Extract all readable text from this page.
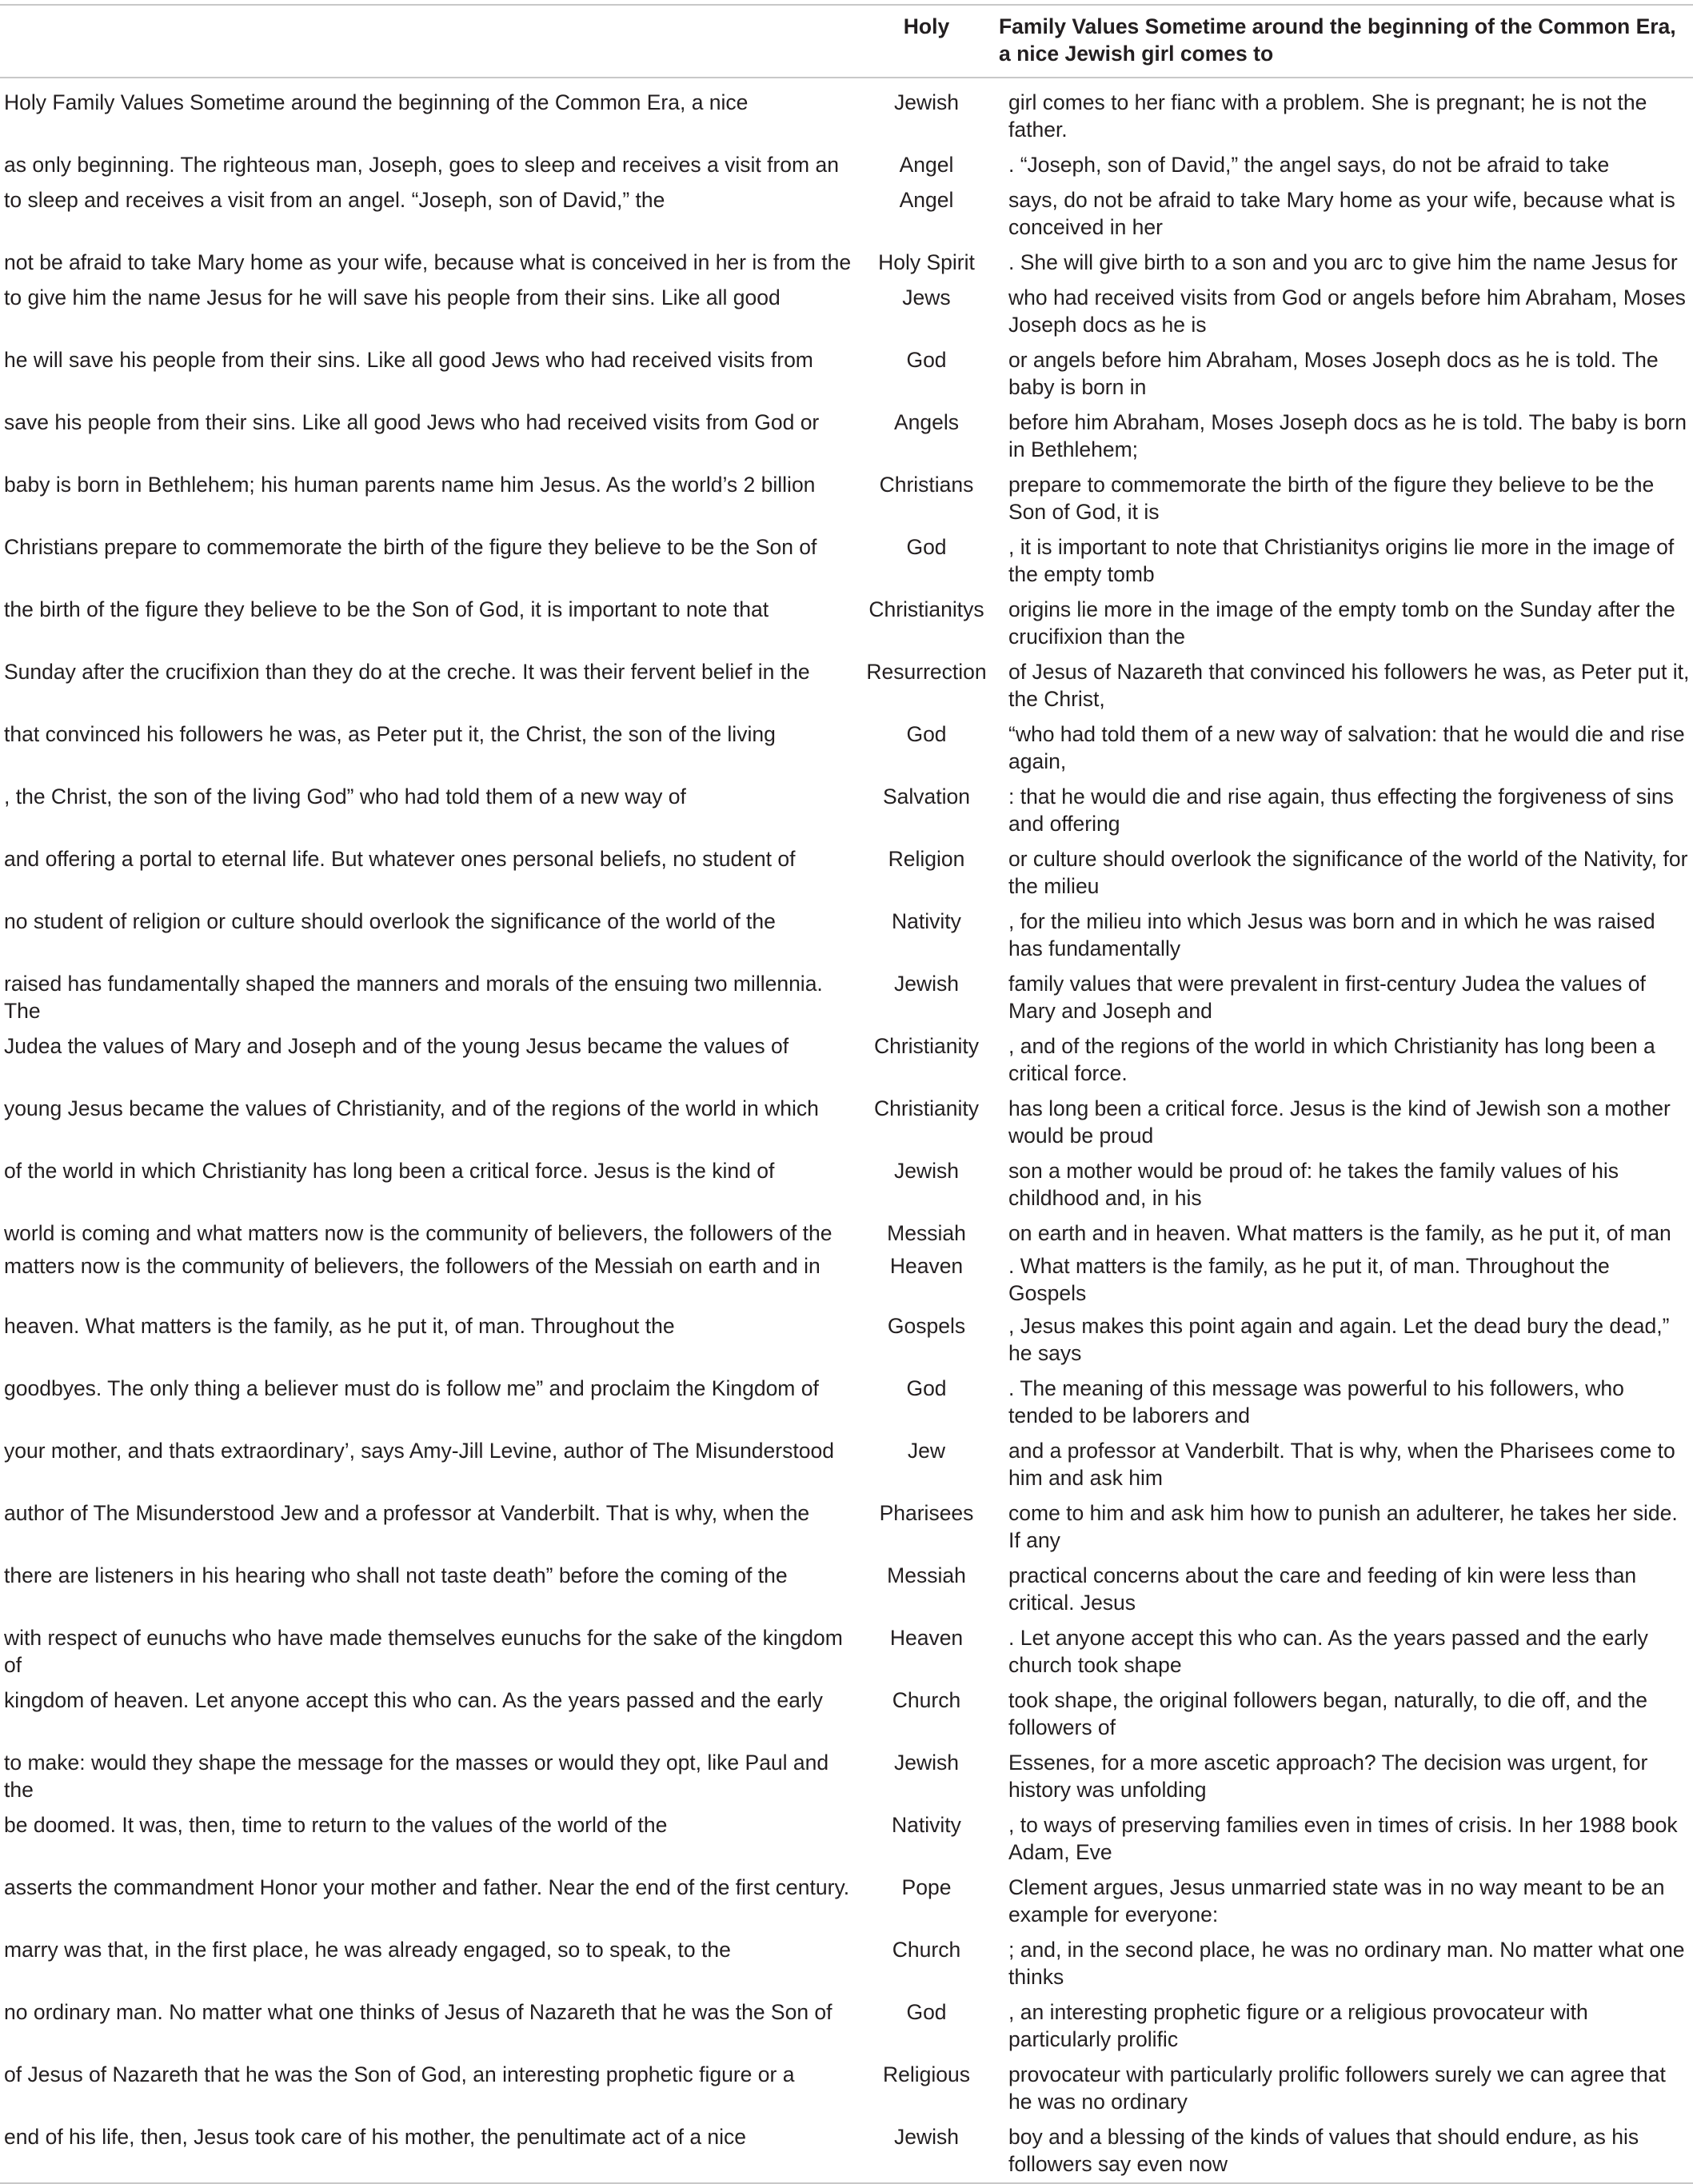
	Holy	Family Values Sometime around the beginning of the Common Era, a nice Jewish girl comes to
Holy Family Values Sometime around the beginning of the Common Era, a nice	Jewish	girl comes to her fianc with a problem. She is pregnant; he is not the father.
as only beginning. The righteous man, Joseph, goes to sleep and receives a visit from an	Angel	. “Joseph, son of David,” the angel says, do not be afraid to take
to sleep and receives a visit from an angel. “Joseph, son of David,” the	Angel	says, do not be afraid to take Mary home as your wife, because what is conceived in her
not be afraid to take Mary home as your wife, because what is conceived in her is from the	Holy Spirit	. She will give birth to a son and you arc to give him the name Jesus for
to give him the name Jesus for he will save his people from their sins. Like all good	Jews	who had received visits from God or angels before him Abraham, Moses Joseph docs as he is
he will save his people from their sins. Like all good Jews who had received visits from	God	or angels before him Abraham, Moses Joseph docs as he is told. The baby is born in
save his people from their sins. Like all good Jews who had received visits from God or	Angels	before him Abraham, Moses Joseph docs as he is told. The baby is born in Bethlehem;
baby is born in Bethlehem; his human parents name him Jesus. As the world’s 2 billion	Christians	prepare to commemorate the birth of the figure they believe to be the Son of God, it is
Christians prepare to commemorate the birth of the figure they believe to be the Son of	God	, it is important to note that Christianitys origins lie more in the image of the empty tomb
the birth of the figure they believe to be the Son of God, it is important to note that	Christianitys	origins lie more in the image of the empty tomb on the Sunday after the crucifixion than the
Sunday after the crucifixion than they do at the creche. It was their fervent belief in the	Resurrection	of Jesus of Nazareth that convinced his followers he was, as Peter put it, the Christ,
that convinced his followers he was, as Peter put it, the Christ, the son of the living	God	“who had told them of a new way of salvation: that he would die and rise again,
, the Christ, the son of the living God” who had told them of a new way of	Salvation	: that he would die and rise again, thus effecting the forgiveness of sins and offering
and offering a portal to eternal life. But whatever ones personal beliefs, no student of	Religion	or culture should overlook the significance of the world of the Nativity, for the milieu
no student of religion or culture should overlook the significance of the world of the	Nativity	, for the milieu into which Jesus was born and in which he was raised has fundamentally
raised has fundamentally shaped the manners and morals of the ensuing two millennia. The	Jewish	family values that were prevalent in first-century Judea the values of Mary and Joseph and
Judea the values of Mary and Joseph and of the young Jesus became the values of	Christianity	, and of the regions of the world in which Christianity has long been a critical force.
young Jesus became the values of Christianity, and of the regions of the world in which	Christianity	has long been a critical force. Jesus is the kind of Jewish son a mother would be proud
of the world in which Christianity has long been a critical force. Jesus is the kind of	Jewish	son a mother would be proud of: he takes the family values of his childhood and, in his
world is coming and what matters now is the community of believers, the followers of the	Messiah	on earth and in heaven. What matters is the family, as he put it, of man
matters now is the community of believers, the followers of the Messiah on earth and in	Heaven	. What matters is the family, as he put it, of man. Throughout the Gospels
heaven. What matters is the family, as he put it, of man. Throughout the	Gospels	, Jesus makes this point again and again. Let the dead bury the dead,” he says
goodbyes. The only thing a believer must do is follow me” and proclaim the Kingdom of	God	. The meaning of this message was powerful to his followers, who tended to be laborers and
your mother, and thats extraordinary’, says Amy-Jill Levine, author of The Misunderstood	Jew	and a professor at Vanderbilt. That is why, when the Pharisees come to him and ask him
author of The Misunderstood Jew and a professor at Vanderbilt. That is why, when the	Pharisees	come to him and ask him how to punish an adulterer, he takes her side. If any
there are listeners in his hearing who shall not taste death” before the coming of the	Messiah	practical concerns about the care and feeding of kin were less than critical. Jesus
with respect of eunuchs who have made themselves eunuchs for the sake of the kingdom of	Heaven	. Let anyone accept this who can. As the years passed and the early church took shape
kingdom of heaven. Let anyone accept this who can. As the years passed and the early	Church	took shape, the original followers began, naturally, to die off, and the followers of
to make: would they shape the message for the masses or would they opt, like Paul and the	Jewish	Essenes, for a more ascetic approach? The decision was urgent, for history was unfolding
be doomed. It was, then, time to return to the values of the world of the	Nativity	, to ways of preserving families even in times of crisis. In her 1988 book Adam, Eve
asserts the commandment Honor your mother and father. Near the end of the first century.	Pope	Clement argues, Jesus unmarried state was in no way meant to be an example for everyone:
marry was that, in the first place, he was already engaged, so to speak, to the	Church	; and, in the second place, he was no ordinary man. No matter what one thinks
no ordinary man. No matter what one thinks of Jesus of Nazareth that he was the Son of	God	, an interesting prophetic figure or a religious provocateur with particularly prolific
of Jesus of Nazareth that he was the Son of God, an interesting prophetic figure or a	Religious	provocateur with particularly prolific followers surely we can agree that he was no ordinary
end of his life, then, Jesus took care of his mother, the penultimate act of a nice	Jewish	boy and a blessing of the kinds of values that should endure, as his followers say even now
